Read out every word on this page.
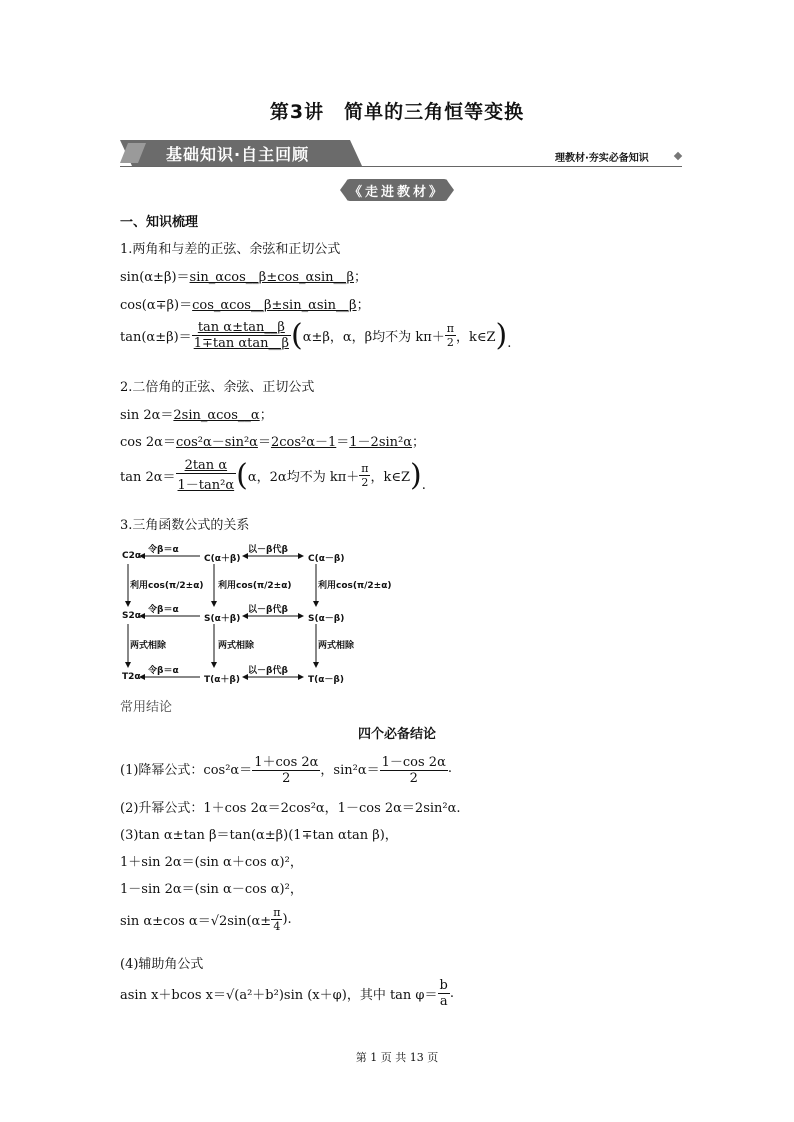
第3讲　简单的三角恒等变换
基础知识·自主回顾	理教材·夯实必备知识
《走进教材》
一、知识梳理
1.两角和与差的正弦、余弦和正切公式
sin(α±β)＝sin_αcos__β±cos_αsin__β；
cos(α∓β)＝cos_αcos__β±sin_αsin__β；
$\tan(\alpha\pm\beta)= \frac{\text{tan α±tan\_\_β}}{\text{1∓tan αtan\_\_β}} (\alpha\pm\beta$，α，β均不为 $k\pi+ \frac{\pi}{2}$ ，k∈Z).
2.二倍角的正弦、余弦、正切公式
sin 2α＝2sin_αcos__α；
cos 2α＝cos²α－sin²α＝2cos²α－1＝1－2sin²α；
$\tan 2\alpha= \frac{\text{2tan α}}{\text{1－tan²α}} (\alpha$，2α均不为 $k\pi+ \frac{\pi}{2}$ ，k∈Z).
3.三角函数公式的关系
C2α	C(α＋β)	C(α－β)
S2α	S(α＋β)	S(α－β)
T2α	T(α＋β)	T(α－β)
令β＝α	以－β代β
令β＝α	以－β代β
令β＝α	以－β代β
利用cos(π/2±α) 利用cos(π/2±α)	利用cos(π/2±α)
两式相除	两式相除	两式相除
常用结论
四个必备结论
(1)降幂公式：$\cos^2\alpha= \frac{1+\cos 2\alpha}{2}$ ，$\sin^2\alpha= \frac{1-\cos 2\alpha}{2}$ .
(2)升幂公式：1＋cos 2α＝2cos²α，1－cos 2α＝2sin²α.
(3)tan α±tan β＝tan(α±β)(1∓tan αtan β)，
1＋sin 2α＝(sin α＋cos α)²，
1－sin 2α＝(sin α－cos α)²，
sin α±cos $\alpha=√2\sin(\alpha\pm \frac{\pi}{4}$ ).
(4)辅助角公式
asin x＋bcos x＝√(a²＋b²)sin (x＋φ)，其中 $\tan \varphi= \frac{b}{a}$ .
第 1 页 共 13 页
